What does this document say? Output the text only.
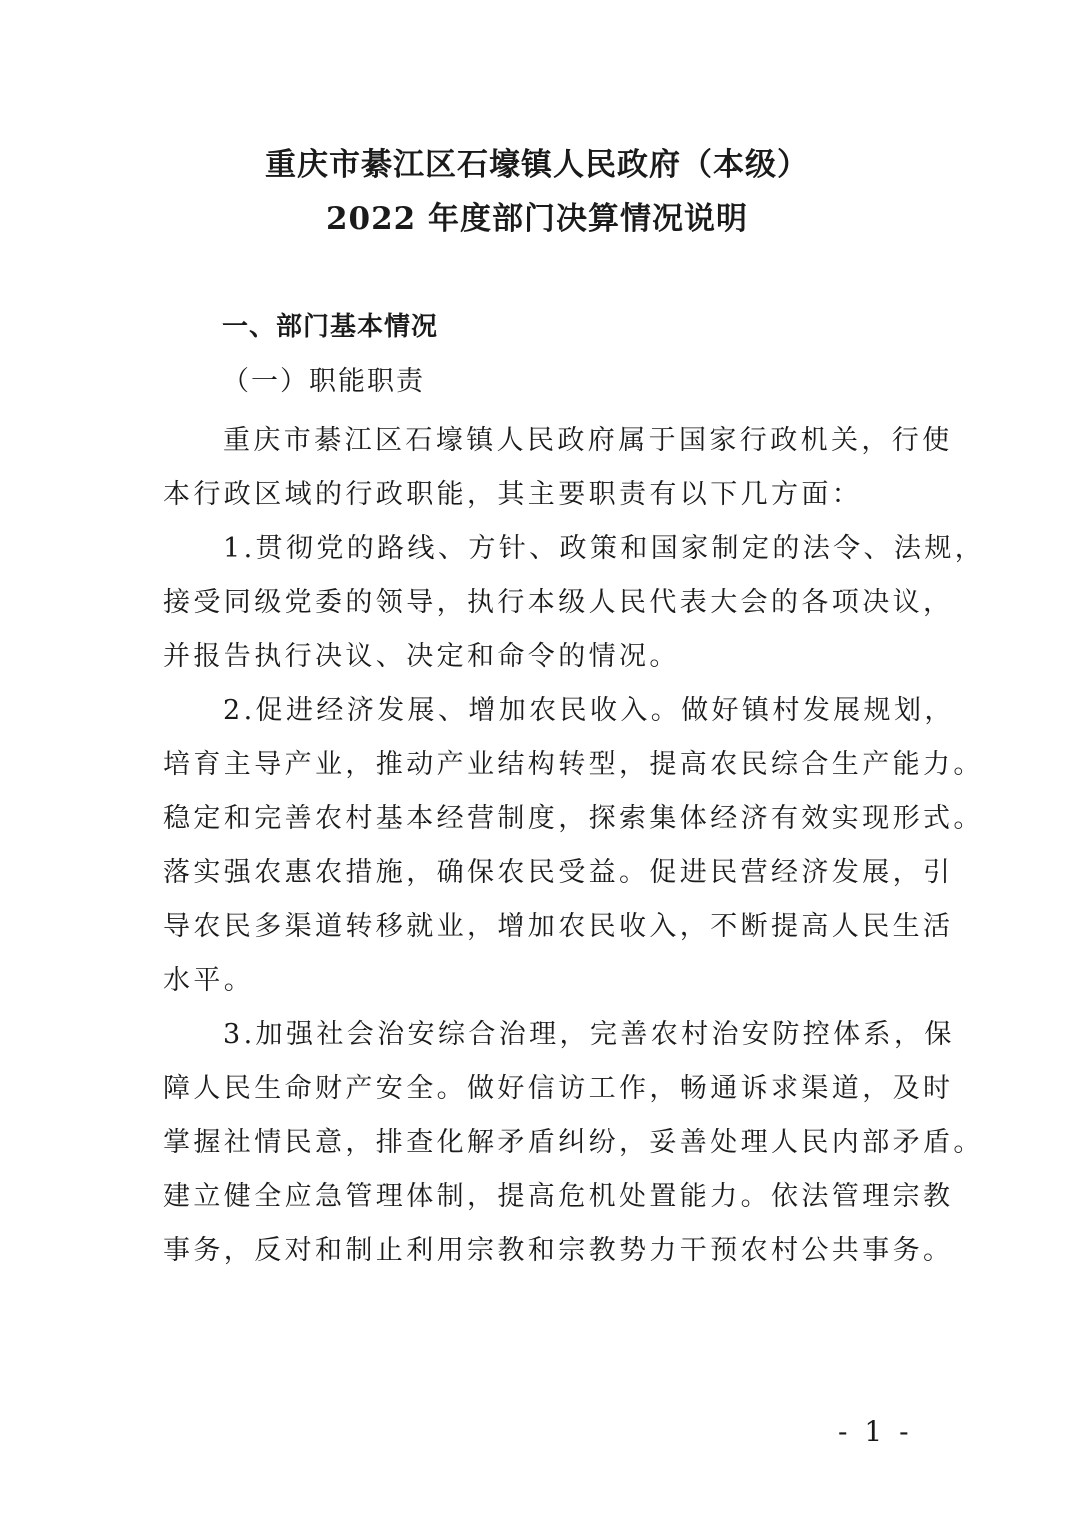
重庆市綦江区石壕镇人民政府（本级）
2022 年度部门决算情况说明
一、部门基本情况
（一）职能职责

重庆市綦江区石壕镇人民政府属于国家行政机关，行使
本行政区域的行政职能，其主要职责有以下几方面：

1.贯彻党的路线、方针、政策和国家制定的法令、法规，
接受同级党委的领导，执行本级人民代表大会的各项决议，
并报告执行决议、决定和命令的情况。

2.促进经济发展、增加农民收入。做好镇村发展规划，
培育主导产业，推动产业结构转型，提高农民综合生产能力。
稳定和完善农村基本经营制度，探索集体经济有效实现形式。
落实强农惠农措施，确保农民受益。促进民营经济发展，引
导农民多渠道转移就业，增加农民收入，不断提高人民生活
水平。

3.加强社会治安综合治理，完善农村治安防控体系，保
障人民生命财产安全。做好信访工作，畅通诉求渠道，及时
掌握社情民意，排查化解矛盾纠纷，妥善处理人民内部矛盾。
建立健全应急管理体制，提高危机处置能力。依法管理宗教
事务，反对和制止利用宗教和宗教势力干预农村公共事务。

- 1 -
